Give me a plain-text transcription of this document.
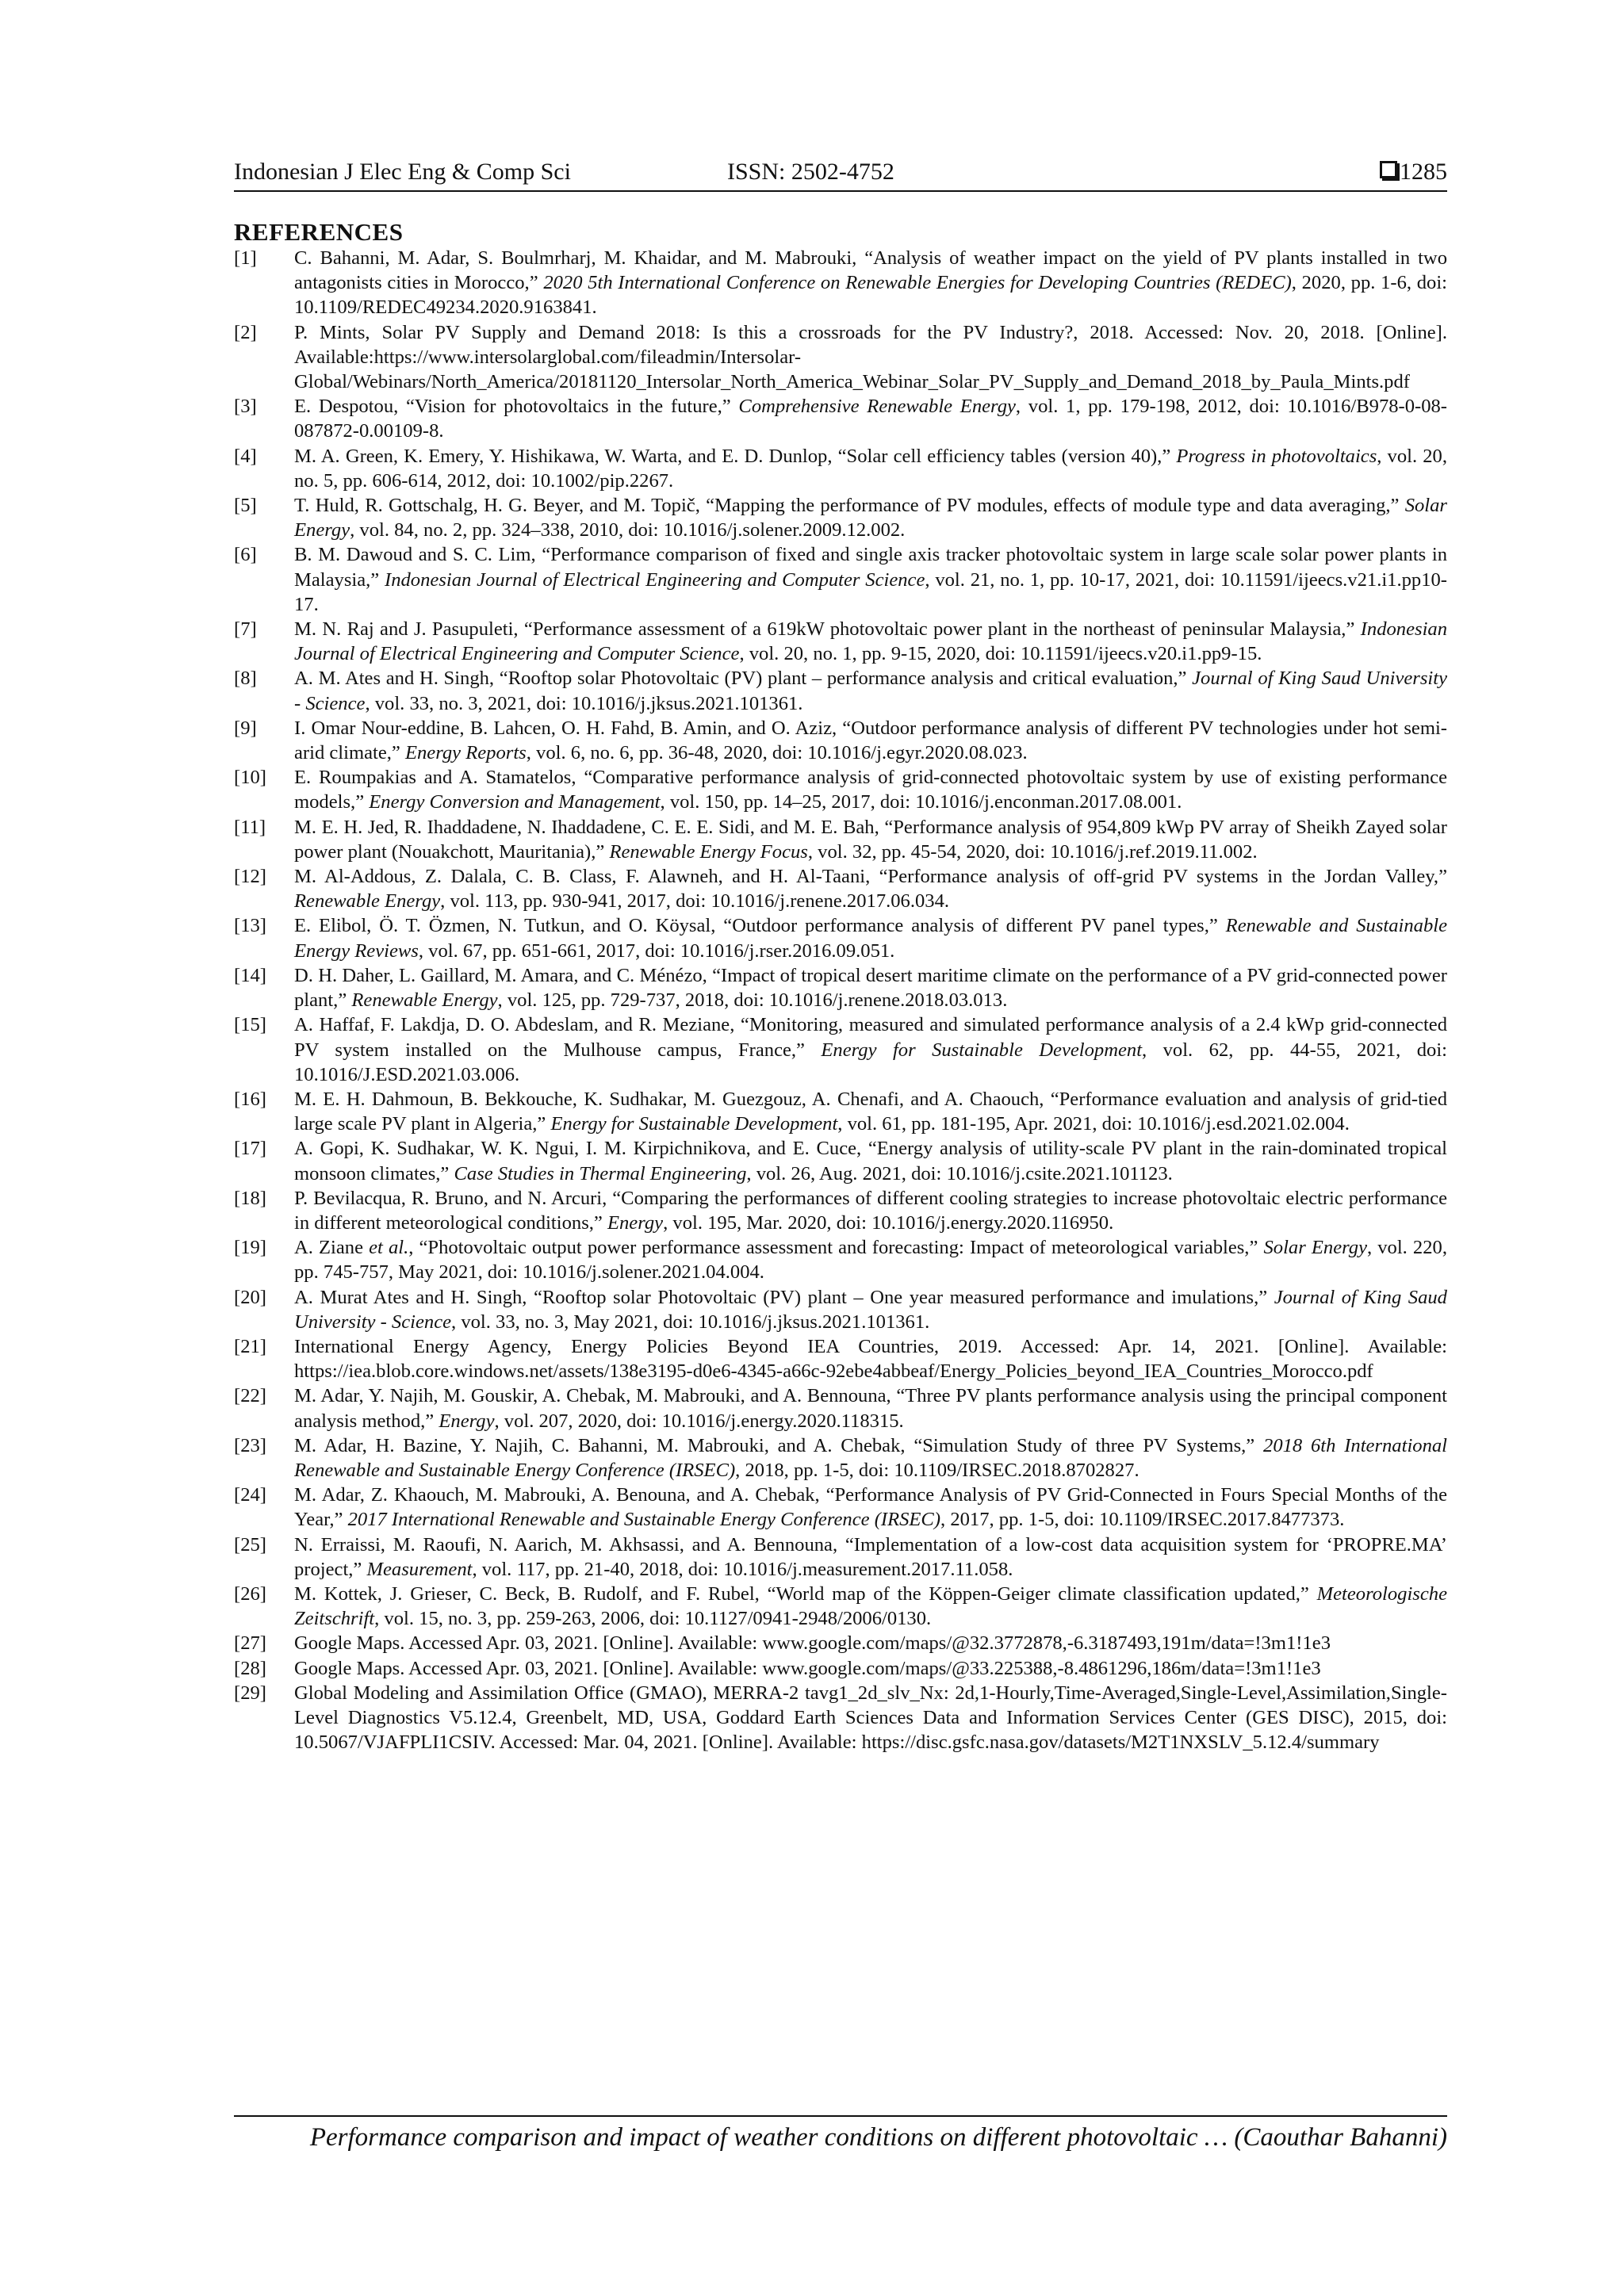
Indonesian J Elec Eng & Comp Sci	ISSN: 2502-4752	1285
REFERENCES
[1] C. Bahanni, M. Adar, S. Boulmrharj, M. Khaidar, and M. Mabrouki, “Analysis of weather impact on the yield of PV plants installed in two antagonists cities in Morocco,” 2020 5th International Conference on Renewable Energies for Developing Countries (REDEC), 2020, pp. 1-6, doi: 10.1109/REDEC49234.2020.9163841.
[2] P. Mints, Solar PV Supply and Demand 2018: Is this a crossroads for the PV Industry?, 2018. Accessed: Nov. 20, 2018. [Online]. Available:https://www.intersolarglobal.com/fileadmin/Intersolar-Global/Webinars/North_America/20181120_Intersolar_North_America_Webinar_Solar_PV_Supply_and_Demand_2018_by_Paula_Mints.pdf
[3] E. Despotou, “Vision for photovoltaics in the future,” Comprehensive Renewable Energy, vol. 1, pp. 179-198, 2012, doi: 10.1016/B978-0-08-087872-0.00109-8.
[4] M. A. Green, K. Emery, Y. Hishikawa, W. Warta, and E. D. Dunlop, “Solar cell efficiency tables (version 40),” Progress in photovoltaics, vol. 20, no. 5, pp. 606-614, 2012, doi: 10.1002/pip.2267.
[5] T. Huld, R. Gottschalg, H. G. Beyer, and M. Topič, “Mapping the performance of PV modules, effects of module type and data averaging,” Solar Energy, vol. 84, no. 2, pp. 324–338, 2010, doi: 10.1016/j.solener.2009.12.002.
[6] B. M. Dawoud and S. C. Lim, “Performance comparison of fixed and single axis tracker photovoltaic system in large scale solar power plants in Malaysia,” Indonesian Journal of Electrical Engineering and Computer Science, vol. 21, no. 1, pp. 10-17, 2021, doi: 10.11591/ijeecs.v21.i1.pp10-17.
[7] M. N. Raj and J. Pasupuleti, “Performance assessment of a 619kW photovoltaic power plant in the northeast of peninsular Malaysia,” Indonesian Journal of Electrical Engineering and Computer Science, vol. 20, no. 1, pp. 9-15, 2020, doi: 10.11591/ijeecs.v20.i1.pp9-15.
[8] A. M. Ates and H. Singh, “Rooftop solar Photovoltaic (PV) plant – performance analysis and critical evaluation,” Journal of King Saud University - Science, vol. 33, no. 3, 2021, doi: 10.1016/j.jksus.2021.101361.
[9] I. Omar Nour-eddine, B. Lahcen, O. H. Fahd, B. Amin, and O. Aziz, “Outdoor performance analysis of different PV technologies under hot semi-arid climate,” Energy Reports, vol. 6, no. 6, pp. 36-48, 2020, doi: 10.1016/j.egyr.2020.08.023.
[10] E. Roumpakias and A. Stamatelos, “Comparative performance analysis of grid-connected photovoltaic system by use of existing performance models,” Energy Conversion and Management, vol. 150, pp. 14–25, 2017, doi: 10.1016/j.enconman.2017.08.001.
[11] M. E. H. Jed, R. Ihaddadene, N. Ihaddadene, C. E. E. Sidi, and M. E. Bah, “Performance analysis of 954,809 kWp PV array of Sheikh Zayed solar power plant (Nouakchott, Mauritania),” Renewable Energy Focus, vol. 32, pp. 45-54, 2020, doi: 10.1016/j.ref.2019.11.002.
[12] M. Al-Addous, Z. Dalala, C. B. Class, F. Alawneh, and H. Al-Taani, “Performance analysis of off-grid PV systems in the Jordan Valley,” Renewable Energy, vol. 113, pp. 930-941, 2017, doi: 10.1016/j.renene.2017.06.034.
[13] E. Elibol, Ö. T. Özmen, N. Tutkun, and O. Köysal, “Outdoor performance analysis of different PV panel types,” Renewable and Sustainable Energy Reviews, vol. 67, pp. 651-661, 2017, doi: 10.1016/j.rser.2016.09.051.
[14] D. H. Daher, L. Gaillard, M. Amara, and C. Ménézo, “Impact of tropical desert maritime climate on the performance of a PV grid-connected power plant,” Renewable Energy, vol. 125, pp. 729-737, 2018, doi: 10.1016/j.renene.2018.03.013.
[15] A. Haffaf, F. Lakdja, D. O. Abdeslam, and R. Meziane, “Monitoring, measured and simulated performance analysis of a 2.4 kWp grid-connected PV system installed on the Mulhouse campus, France,” Energy for Sustainable Development, vol. 62, pp. 44-55, 2021, doi: 10.1016/J.ESD.2021.03.006.
[16] M. E. H. Dahmoun, B. Bekkouche, K. Sudhakar, M. Guezgouz, A. Chenafi, and A. Chaouch, “Performance evaluation and analysis of grid-tied large scale PV plant in Algeria,” Energy for Sustainable Development, vol. 61, pp. 181-195, Apr. 2021, doi: 10.1016/j.esd.2021.02.004.
[17] A. Gopi, K. Sudhakar, W. K. Ngui, I. M. Kirpichnikova, and E. Cuce, “Energy analysis of utility-scale PV plant in the rain-dominated tropical monsoon climates,” Case Studies in Thermal Engineering, vol. 26, Aug. 2021, doi: 10.1016/j.csite.2021.101123.
[18] P. Bevilacqua, R. Bruno, and N. Arcuri, “Comparing the performances of different cooling strategies to increase photovoltaic electric performance in different meteorological conditions,” Energy, vol. 195, Mar. 2020, doi: 10.1016/j.energy.2020.116950.
[19] A. Ziane et al., “Photovoltaic output power performance assessment and forecasting: Impact of meteorological variables,” Solar Energy, vol. 220, pp. 745-757, May 2021, doi: 10.1016/j.solener.2021.04.004.
[20] A. Murat Ates and H. Singh, “Rooftop solar Photovoltaic (PV) plant – One year measured performance and imulations,” Journal of King Saud University - Science, vol. 33, no. 3, May 2021, doi: 10.1016/j.jksus.2021.101361.
[21] International Energy Agency, Energy Policies Beyond IEA Countries, 2019. Accessed: Apr. 14, 2021. [Online]. Available: https://iea.blob.core.windows.net/assets/138e3195-d0e6-4345-a66c-92ebe4abbeaf/Energy_Policies_beyond_IEA_Countries_Morocco.pdf
[22] M. Adar, Y. Najih, M. Gouskir, A. Chebak, M. Mabrouki, and A. Bennouna, “Three PV plants performance analysis using the principal component analysis method,” Energy, vol. 207, 2020, doi: 10.1016/j.energy.2020.118315.
[23] M. Adar, H. Bazine, Y. Najih, C. Bahanni, M. Mabrouki, and A. Chebak, “Simulation Study of three PV Systems,” 2018 6th International Renewable and Sustainable Energy Conference (IRSEC), 2018, pp. 1-5, doi: 10.1109/IRSEC.2018.8702827.
[24] M. Adar, Z. Khaouch, M. Mabrouki, A. Benouna, and A. Chebak, “Performance Analysis of PV Grid-Connected in Fours Special Months of the Year,” 2017 International Renewable and Sustainable Energy Conference (IRSEC), 2017, pp. 1-5, doi: 10.1109/IRSEC.2017.8477373.
[25] N. Erraissi, M. Raoufi, N. Aarich, M. Akhsassi, and A. Bennouna, “Implementation of a low-cost data acquisition system for ‘PROPRE.MA’ project,” Measurement, vol. 117, pp. 21-40, 2018, doi: 10.1016/j.measurement.2017.11.058.
[26] M. Kottek, J. Grieser, C. Beck, B. Rudolf, and F. Rubel, “World map of the Köppen-Geiger climate classification updated,” Meteorologische Zeitschrift, vol. 15, no. 3, pp. 259-263, 2006, doi: 10.1127/0941-2948/2006/0130.
[27] Google Maps. Accessed Apr. 03, 2021. [Online]. Available: www.google.com/maps/@32.3772878,-6.3187493,191m/data=!3m1!1e3
[28] Google Maps. Accessed Apr. 03, 2021. [Online]. Available: www.google.com/maps/@33.225388,-8.4861296,186m/data=!3m1!1e3
[29] Global Modeling and Assimilation Office (GMAO), MERRA-2 tavg1_2d_slv_Nx: 2d,1-Hourly,Time-Averaged,Single-Level,Assimilation,Single-Level Diagnostics V5.12.4, Greenbelt, MD, USA, Goddard Earth Sciences Data and Information Services Center (GES DISC), 2015, doi: 10.5067/VJAFPLI1CSIV. Accessed: Mar. 04, 2021. [Online]. Available: https://disc.gsfc.nasa.gov/datasets/M2T1NXSLV_5.12.4/summary
Performance comparison and impact of weather conditions on different photovoltaic … (Caouthar Bahanni)
